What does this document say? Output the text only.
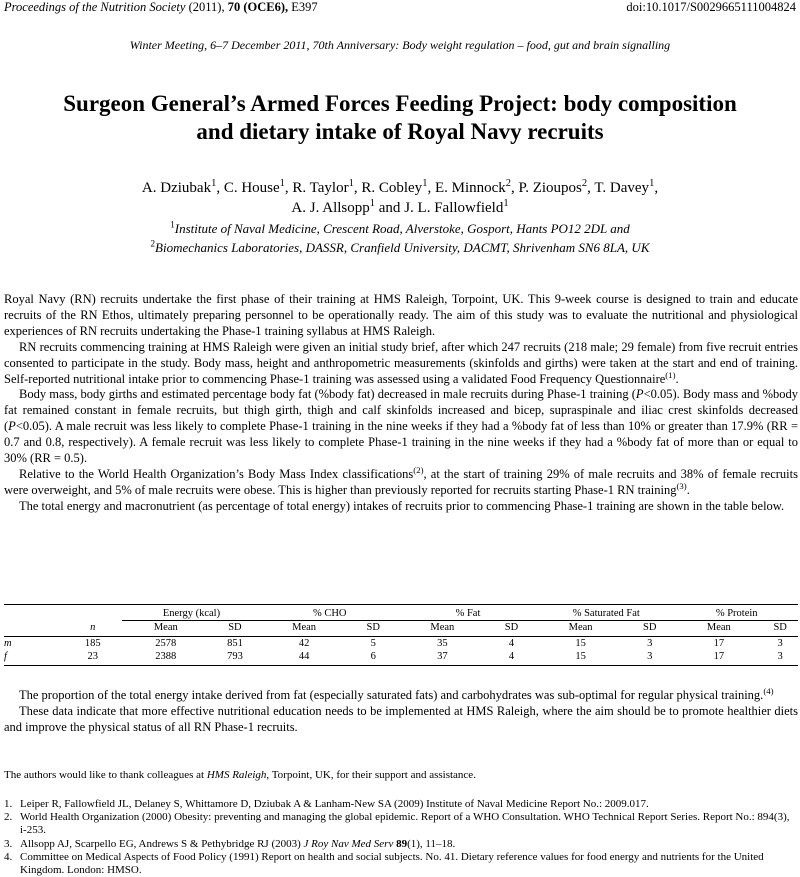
Proceedings of the Nutrition Society (2011), 70 (OCE6), E397	doi:10.1017/S0029665111004824
Winter Meeting, 6–7 December 2011, 70th Anniversary: Body weight regulation – food, gut and brain signalling
Surgeon General’s Armed Forces Feeding Project: body composition
and dietary intake of Royal Navy recruits
A. Dziubak$^1$, C. House$^1$, R. Taylor$^1$, R. Cobley$^1$, E. Minnock$^2$, P. Zioupos$^2$, T. Davey$^1$,
A. J. Allsopp$^1$ and J. L. Fallowfield$^1$
$^1$Institute of Naval Medicine, Crescent Road, Alverstoke, Gosport, Hants PO12 2DL and
$^2$Biomechanics Laboratories, DASSR, Cranfield University, DACMT, Shrivenham SN6 8LA, UK

Royal Navy (RN) recruits undertake the first phase of their training at HMS Raleigh, Torpoint, UK. This 9-week course is designed to train and educate recruits of the RN Ethos, ultimately preparing personnel to be operationally ready. The aim of this study was to evaluate the nutritional and physiological experiences of RN recruits undertaking the Phase-1 training syllabus at HMS Raleigh.

RN recruits commencing training at HMS Raleigh were given an initial study brief, after which 247 recruits (218 male; 29 female) from five recruit entries consented to participate in the study. Body mass, height and anthropometric measurements (skinfolds and girths) were taken at the start and end of training. Self-reported nutritional intake prior to commencing Phase-1 training was assessed using a validated Food Frequency Questionnaire$^{(1)}$.

Body mass, body girths and estimated percentage body fat (%body fat) decreased in male recruits during Phase-1 training (P<0.05). Body mass and %body fat remained constant in female recruits, but thigh girth, thigh and calf skinfolds increased and bicep, supraspinale and iliac crest skinfolds decreased (P<0.05). A male recruit was less likely to complete Phase-1 training in the nine weeks if they had a %body fat of less than 10% or greater than 17.9% (RR = 0.7 and 0.8, respectively). A female recruit was less likely to complete Phase-1 training in the nine weeks if they had a %body fat of more than or equal to 30% (RR = 0.5).

Relative to the World Health Organization’s Body Mass Index classifications$^{(2)}$, at the start of training 29% of male recruits and 38% of female recruits were overweight, and 5% of male recruits were obese. This is higher than previously reported for recruits starting Phase-1 RN training$^{(3)}$.

The total energy and macronutrient (as percentage of total energy) intakes of recruits prior to commencing Phase-1 training are shown in the table below.

		Energy (kcal)		% CHO		% Fat		% Saturated Fat		% Protein	
	n	Mean	SD	Mean	SD	Mean	SD	Mean	SD	Mean	SD
m	185	2578	851	42	5	35	4	15	3	17	3
f	23	2388	793	44	6	37	4	15	3	17	3

The proportion of the total energy intake derived from fat (especially saturated fats) and carbohydrates was sub-optimal for regular physical training.$^{(4)}$

These data indicate that more effective nutritional education needs to be implemented at HMS Raleigh, where the aim should be to promote healthier diets and improve the physical status of all RN Phase-1 recruits.

The authors would like to thank colleagues at HMS Raleigh, Torpoint, UK, for their support and assistance.
1. Leiper R, Fallowfield JL, Delaney S, Whittamore D, Dziubak A & Lanham-New SA (2009) Institute of Naval Medicine Report No.: 2009.017.
2. World Health Organization (2000) Obesity: preventing and managing the global epidemic. Report of a WHO Consultation. WHO Technical Report Series. Report No.: 894(3), i-253.
3. Allsopp AJ, Scarpello EG, Andrews S & Pethybridge RJ (2003) J Roy Nav Med Serv 89(1), 11–18.
4. Committee on Medical Aspects of Food Policy (1991) Report on health and social subjects. No. 41. Dietary reference values for food energy and nutrients for the United Kingdom. London: HMSO.
